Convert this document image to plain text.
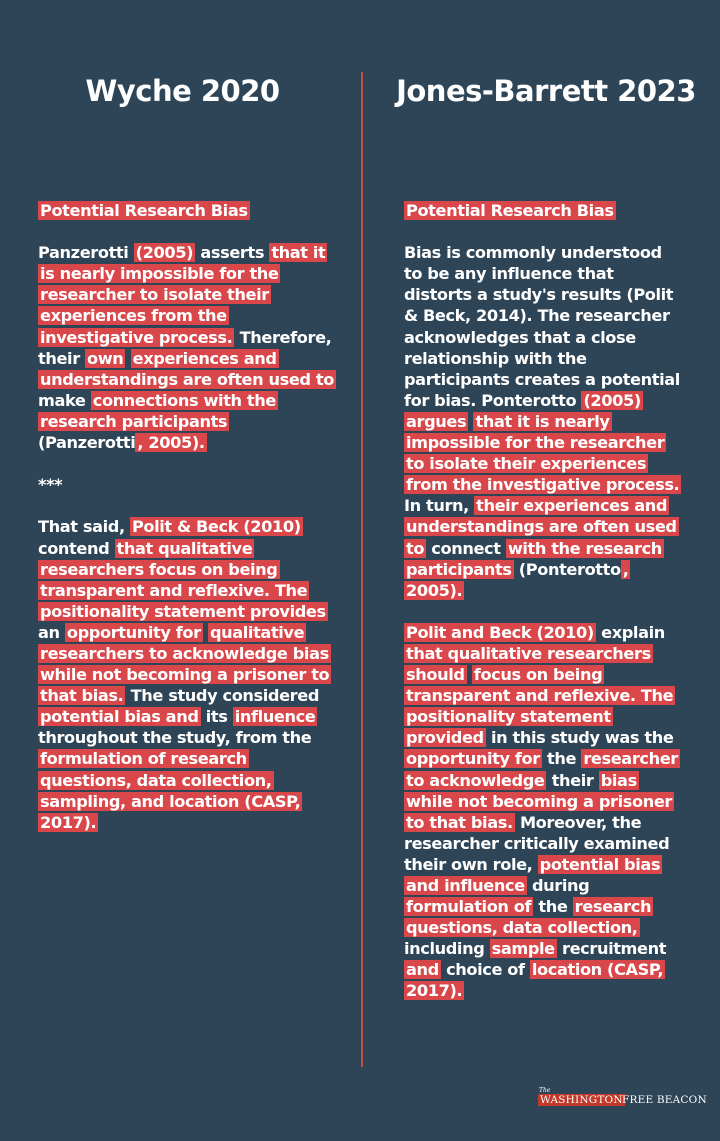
Wyche 2020	Jones-Barrett 2023
Potential Research Bias

Panzerotti (2005) asserts that it is nearly impossible for the researcher to isolate their experiences from the investigative process. Therefore, their own experiences and understandings are often used to make connections with the research participants (Panzerotti , 2005).

***

That said, Polit & Beck (2010) contend that qualitative researchers focus on being transparent and reflexive. The positionality statement provides an opportunity for qualitative researchers to acknowledge bias while not becoming a prisoner to that bias. The study considered potential bias and its influence throughout the study, from the formulation of research questions, data collection, sampling, and location (CASP, 2017).

Potential Research Bias

Bias is commonly understood to be any influence that distorts a study's results (Polit & Beck, 2014). The researcher acknowledges that a close relationship with the participants creates a potential for bias. Ponterotto (2005) argues that it is nearly impossible for the researcher to isolate their experiences from the investigative process. In turn, their experiences and understandings are often used to connect with the research participants (Ponterotto , 2005).

Polit and Beck (2010) explain that qualitative researchers should focus on being transparent and reflexive. The positionality statement provided in this study was the opportunity for the researcher to acknowledge their bias while not becoming a prisoner to that bias. Moreover, the researcher critically examined their own role, potential bias and influence during formulation of the research questions, data collection, including sample recruitment and choice of location (CASP, 2017).

The
WASHINGTON FREE BEACON
